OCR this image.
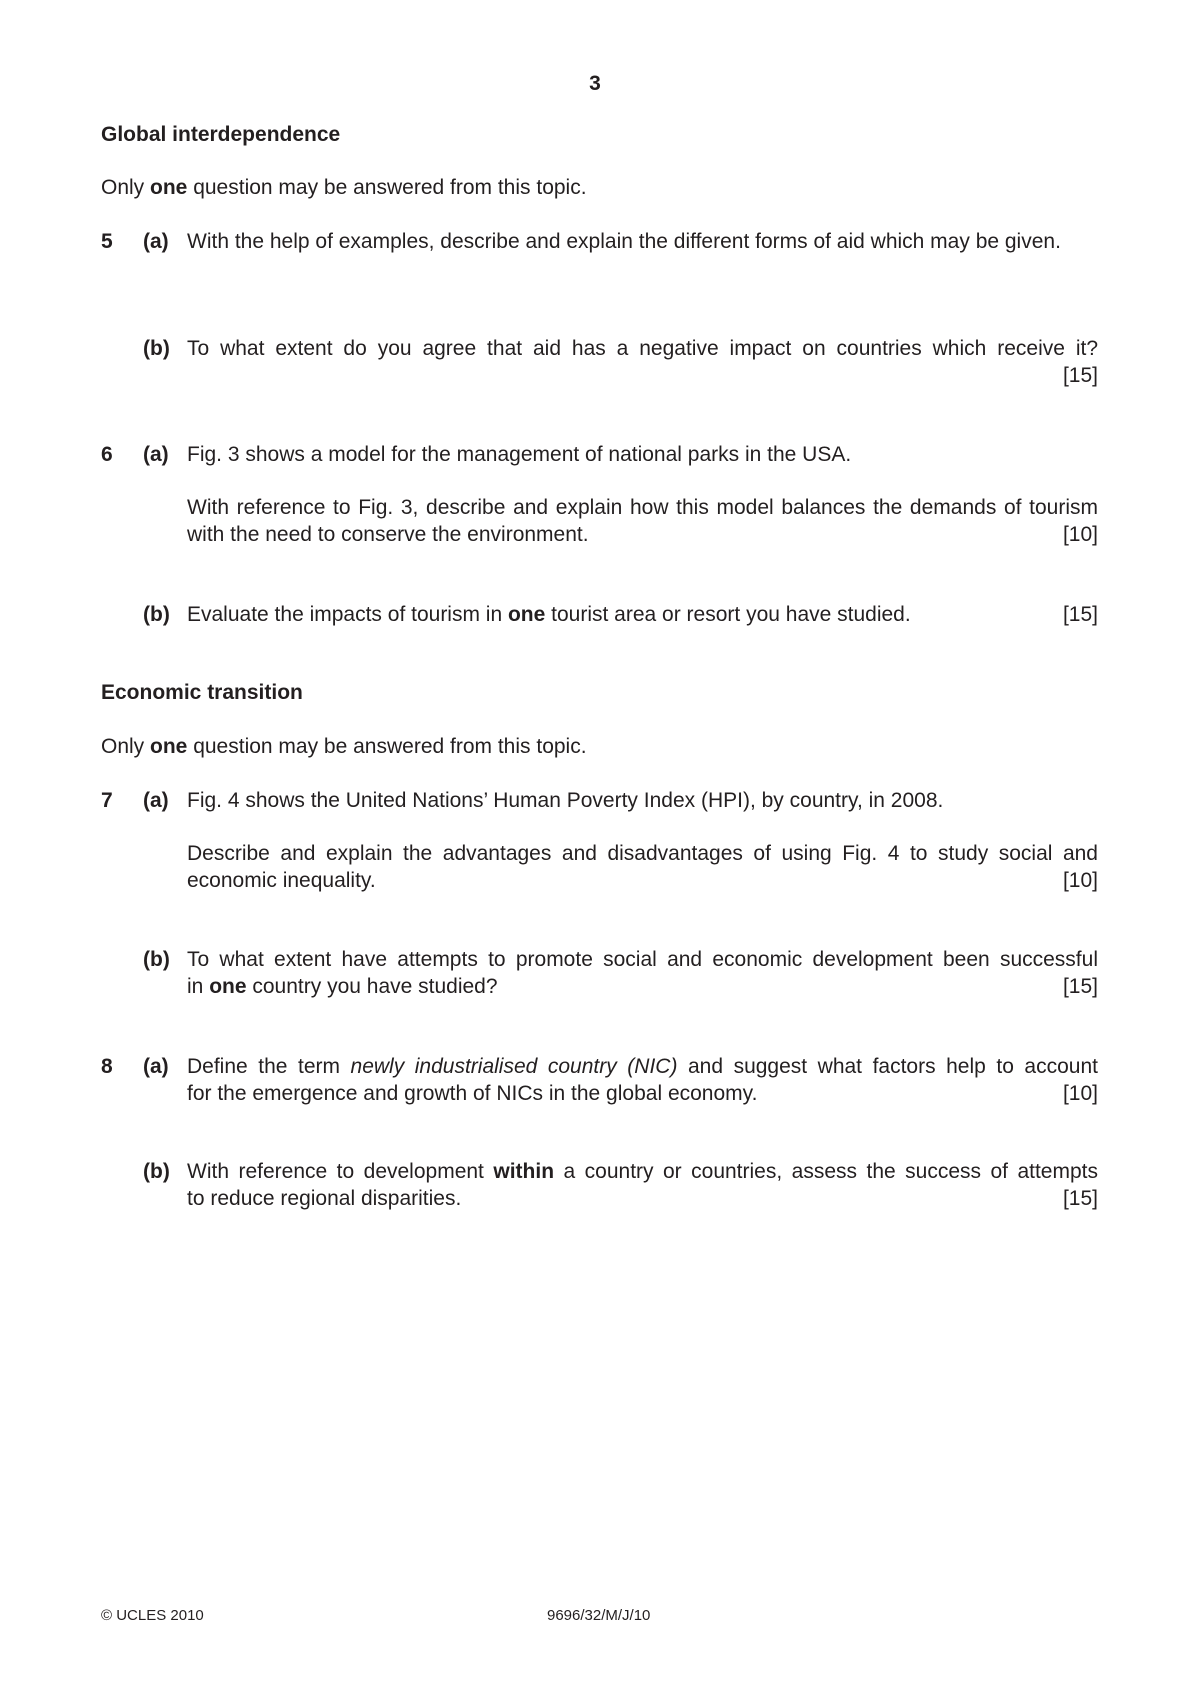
3
Global interdependence
Only one question may be answered from this topic.
5 (a) With the help of examples, describe and explain the different forms of aid which may be given.
(b) To what extent do you agree that aid has a negative impact on countries which receive it?
[15]
6 (a) Fig. 3 shows a model for the management of national parks in the USA.
With reference to Fig. 3, describe and explain how this model balances the demands of tourism
with the need to conserve the environment.	[10]
(b) Evaluate the impacts of tourism in one tourist area or resort you have studied.	[15]
Economic transition
Only one question may be answered from this topic.
7 (a) Fig. 4 shows the United Nations’ Human Poverty Index (HPI), by country, in 2008.
Describe and explain the advantages and disadvantages of using Fig. 4 to study social and
economic inequality.	[10]
(b) To what extent have attempts to promote social and economic development been successful
in one country you have studied?	[15]
8 (a) Define the term newly industrialised country (NIC) and suggest what factors help to account
for the emergence and growth of NICs in the global economy.	[10]
(b) With reference to development within a country or countries, assess the success of attempts
to reduce regional disparities.	[15]
© UCLES 2010	9696/32/M/J/10
